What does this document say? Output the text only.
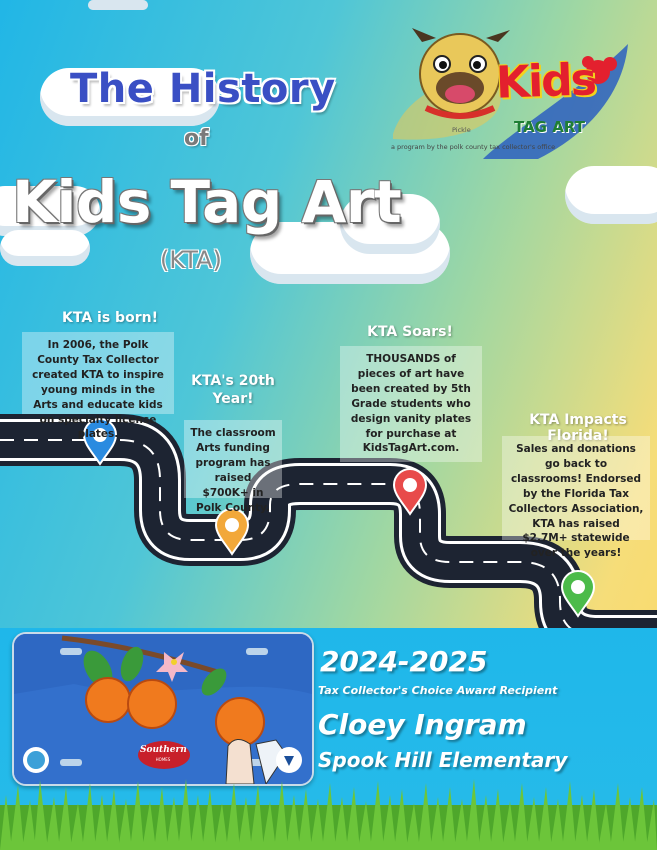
The History
of
Kids Tag Art
(KTA)
Kids
TAG ART
Pickle
a program by the polk county tax collector's office
KTA is born!
In 2006, the Polk County Tax Collector created KTA to inspire young minds in the Arts and educate kids on specialty license plates.
KTA's 20th Year!
The classroom Arts funding program has raised $700K+ in Polk County.
KTA Soars!
THOUSANDS of pieces of art have been created by 5th Grade students who design vanity plates for purchase at KidsTagArt.com.
KTA Impacts Florida!
Sales and donations go back to classrooms! Endorsed by the Florida Tax Collectors Association, KTA has raised $2.7M+ statewide over the years!
Southern
HOMES
2024-2025
Tax Collector's Choice Award Recipient
Cloey Ingram
Spook Hill Elementary
